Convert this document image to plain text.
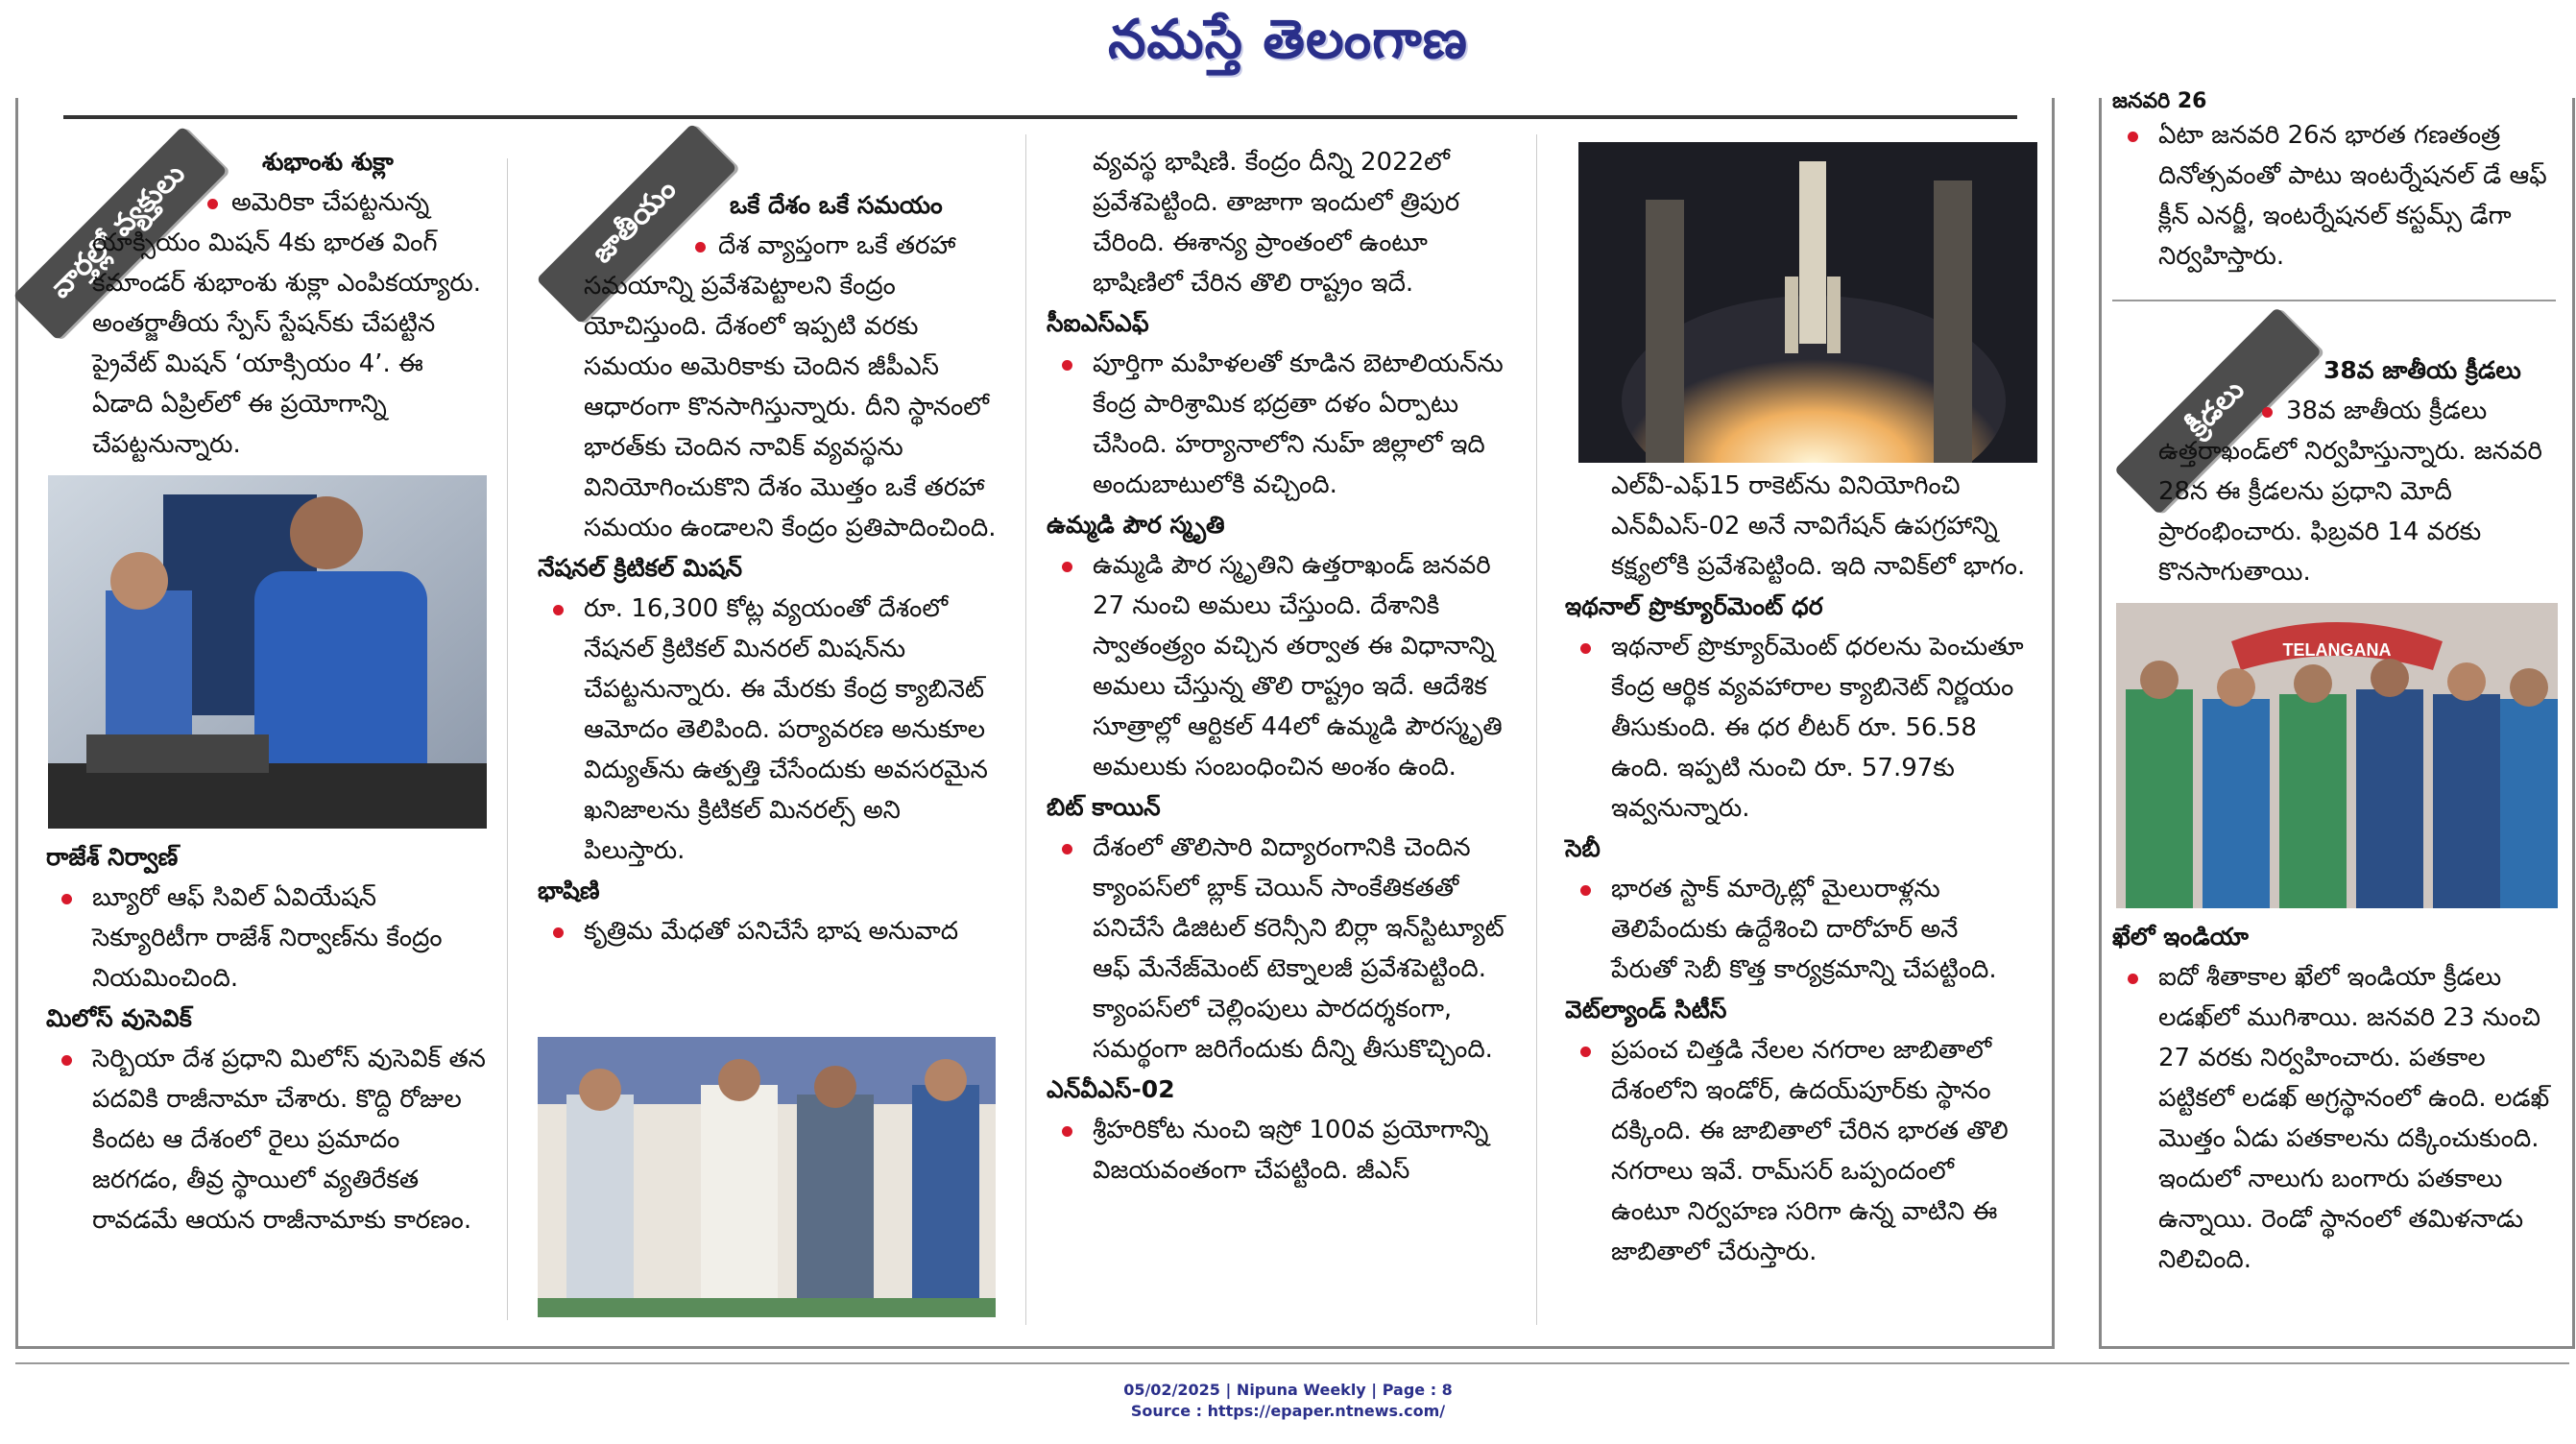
నమస్తే తెలంగాణ
వార్తల్లో వ్యక్తులు	జాతీయం
క్రీడలు

శుభాంశు శుక్లా

అమెరికా చేపట్టనున్న యాక్సియం మిషన్ 4కు భారత వింగ్ కమాండర్ శుభాంశు శుక్లా ఎంపికయ్యారు. అంతర్జాతీయ స్పేస్ స్టేషన్‌కు చేపట్టిన ప్రైవేట్ మిషన్ ‘యాక్సియం 4’. ఈ ఏడాది ఏప్రిల్‌లో ఈ ప్రయోగాన్ని చేపట్టనున్నారు.

రాజేశ్ నిర్వాణ్

బ్యూరో ఆఫ్ సివిల్ ఏవియేషన్ సెక్యూరిటీగా రాజేశ్ నిర్వాణ్‌ను కేంద్రం నియమించింది.

మిలోస్ వుసెవిక్

సెర్బియా దేశ ప్రధాని మిలోస్ వుసెవిక్ తన పదవికి రాజీనామా చేశారు. కొద్ది రోజుల కిందట ఆ దేశంలో రైలు ప్రమాదం జరగడం, తీవ్ర స్థాయిలో వ్యతిరేకత రావడమే ఆయన రాజీనామాకు కారణం.

ఒకే దేశం ఒకే సమయం

దేశ వ్యాప్తంగా ఒకే తరహా సమయాన్ని ప్రవేశపెట్టాలని కేంద్రం యోచిస్తుంది. దేశంలో ఇప్పటి వరకు సమయం అమెరికాకు చెందిన జీపీఎస్ ఆధారంగా కొనసాగిస్తున్నారు. దీని స్థానంలో భారత్‌కు చెందిన నావిక్ వ్యవస్థను వినియోగించుకొని దేశం మొత్తం ఒకే తరహా సమయం ఉండాలని కేంద్రం ప్రతిపాదించింది.

నేషనల్ క్రిటికల్ మిషన్

రూ. 16,300 కోట్ల వ్యయంతో దేశంలో నేషనల్ క్రిటికల్ మినరల్ మిషన్‌ను చేపట్టనున్నారు. ఈ మేరకు కేంద్ర క్యాబినెట్ ఆమోదం తెలిపింది. పర్యావరణ అనుకూల విద్యుత్‌ను ఉత్పత్తి చేసేందుకు అవసరమైన ఖనిజాలను క్రిటికల్ మినరల్స్ అని పిలుస్తారు.

భాషిణి

కృత్రిమ మేధతో పనిచేసే భాష అనువాద

వ్యవస్థ భాషిణి. కేంద్రం దీన్ని 2022లో ప్రవేశపెట్టింది. తాజాగా ఇందులో త్రిపుర చేరింది. ఈశాన్య ప్రాంతంలో ఉంటూ భాషిణిలో చేరిన తొలి రాష్ట్రం ఇదే.

సీఐఎస్ఎఫ్

పూర్తిగా మహిళలతో కూడిన బెటాలియన్‌ను కేంద్ర పారిశ్రామిక భద్రతా దళం ఏర్పాటు చేసింది. హర్యానాలోని నుహ్ జిల్లాలో ఇది అందుబాటులోకి వచ్చింది.

ఉమ్మడి పౌర స్మృతి

ఉమ్మడి పౌర స్మృతిని ఉత్తరాఖండ్ జనవరి 27 నుంచి అమలు చేస్తుంది. దేశానికి స్వాతంత్ర్యం వచ్చిన తర్వాత ఈ విధానాన్ని అమలు చేస్తున్న తొలి రాష్ట్రం ఇదే. ఆదేశిక సూత్రాల్లో ఆర్టికల్ 44లో ఉమ్మడి పౌరస్మృతి అమలుకు సంబంధించిన అంశం ఉంది.

బిట్ కాయిన్

దేశంలో తొలిసారి విద్యారంగానికి చెందిన క్యాంపస్‌లో బ్లాక్ చెయిన్ సాంకేతికతతో పనిచేసే డిజిటల్ కరెన్సీని బిర్లా ఇన్‌స్టిట్యూట్ ఆఫ్ మేనేజ్‌మెంట్ టెక్నాలజీ ప్రవేశపెట్టింది. క్యాంపస్‌లో చెల్లింపులు పారదర్శకంగా, సమర్థంగా జరిగేందుకు దీన్ని తీసుకొచ్చింది.

ఎన్‌వీఎస్-02

శ్రీహరికోట నుంచి ఇస్రో 100వ ప్రయోగాన్ని విజయవంతంగా చేపట్టింది. జీఎస్

ఎల్‌వీ-ఎఫ్15 రాకెట్‌ను వినియోగించి ఎన్‌వీఎస్-02 అనే నావిగేషన్ ఉపగ్రహాన్ని కక్ష్యలోకి ప్రవేశపెట్టింది. ఇది నావిక్‌లో భాగం.

ఇథనాల్ ప్రొక్యూర్‌మెంట్ ధర

ఇథనాల్ ప్రొక్యూర్‌మెంట్ ధరలను పెంచుతూ కేంద్ర ఆర్థిక వ్యవహారాల క్యాబినెట్ నిర్ణయం తీసుకుంది. ఈ ధర లీటర్ రూ. 56.58 ఉంది. ఇప్పటి నుంచి రూ. 57.97కు ఇవ్వనున్నారు.

సెబీ

భారత స్టాక్ మార్కెట్లో మైలురాళ్లను తెలిపేందుకు ఉద్దేశించి దారోహర్ అనే పేరుతో సెబీ కొత్త కార్యక్రమాన్ని చేపట్టింది.

వెట్‌ల్యాండ్ సిటీస్

ప్రపంచ చిత్తడి నేలల నగరాల జాబితాలో దేశంలోని ఇండోర్, ఉదయ్‌పూర్‌కు స్థానం దక్కింది. ఈ జాబితాలో చేరిన భారత తొలి నగరాలు ఇవే. రామ్‌సర్ ఒప్పందంలో ఉంటూ నిర్వహణ సరిగా ఉన్న వాటిని ఈ జాబితాలో చేరుస్తారు.

జనవరి 26

ఏటా జనవరి 26న భారత గణతంత్ర దినోత్సవంతో పాటు ఇంటర్నేషనల్ డే ఆఫ్ క్లీన్ ఎనర్జీ, ఇంటర్నేషనల్ కస్టమ్స్ డేగా నిర్వహిస్తారు.

38వ జాతీయ క్రీడలు

38వ జాతీయ క్రీడలు ఉత్తరాఖండ్‌లో నిర్వహిస్తున్నారు. జనవరి 28న ఈ క్రీడలను ప్రధాని మోదీ ప్రారంభించారు. ఫిబ్రవరి 14 వరకు కొనసాగుతాయి.

TELANGANA

ఖేలో ఇండియా

ఐదో శీతాకాల ఖేలో ఇండియా క్రీడలు లడఖ్‌లో ముగిశాయి. జనవరి 23 నుంచి 27 వరకు నిర్వహించారు. పతకాల పట్టికలో లడఖ్ అగ్రస్థానంలో ఉంది. లడఖ్ మొత్తం ఏడు పతకాలను దక్కించుకుంది. ఇందులో నాలుగు బంగారు పతకాలు ఉన్నాయి. రెండో స్థానంలో తమిళనాడు నిలిచింది.

05/02/2025 | Nipuna Weekly | Page : 8
Source : https://epaper.ntnews.com/
